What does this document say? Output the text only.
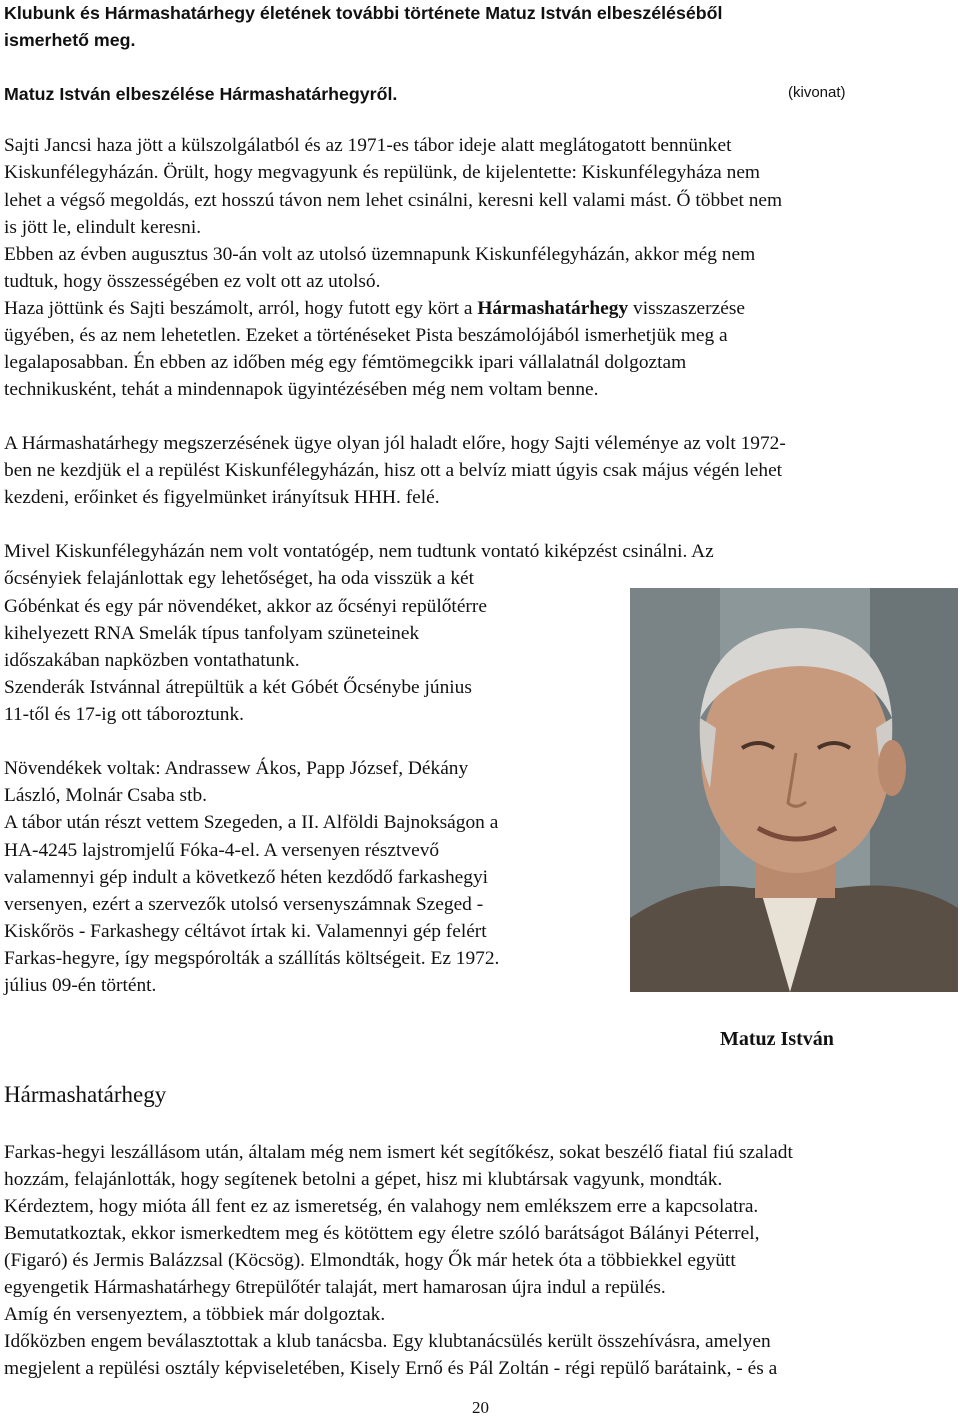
Klubunk és Hármashatárhegy életének további története Matuz István elbeszéléséből
ismerhető meg.
Matuz István elbeszélése Hármashatárhegyről.	(kivonat)
Sajti Jancsi haza jött a külszolgálatból és az 1971-es tábor ideje alatt meglátogatott bennünket
Kiskunfélegyházán. Örült, hogy megvagyunk és repülünk, de kijelentette: Kiskunfélegyháza nem
lehet a végső megoldás, ezt hosszú távon nem lehet csinálni, keresni kell valami mást. Ő többet nem
is jött le, elindult keresni.
Ebben az évben augusztus 30-án volt az utolsó üzemnapunk Kiskunfélegyházán, akkor még nem
tudtuk, hogy összességében ez volt ott az utolsó.
Haza jöttünk és Sajti beszámolt, arról, hogy futott egy kört a Hármashatárhegy visszaszerzése
ügyében, és az nem lehetetlen. Ezeket a történéseket Pista beszámolójából ismerhetjük meg a
legalaposabban. Én ebben az időben még egy fémtömegcikk ipari vállalatnál dolgoztam
technikusként, tehát a mindennapok ügyintézésében még nem voltam benne.
A Hármashatárhegy megszerzésének ügye olyan jól haladt előre, hogy Sajti véleménye az volt 1972-
ben ne kezdjük el a repülést Kiskunfélegyházán, hisz ott a belvíz miatt úgyis csak május végén lehet
kezdeni, erőinket és figyelmünket irányítsuk HHH. felé.
Mivel Kiskunfélegyházán nem volt vontatógép, nem tudtunk vontató kiképzést csinálni. Az
őcsényiek felajánlottak egy lehetőséget, ha oda visszük a két
Góbénkat és egy pár növendéket, akkor az őcsényi repülőtérre
kihelyezett RNA Smelák típus tanfolyam szüneteinek
időszakában napközben vontathatunk.
Szenderák Istvánnal átrepültük a két Góbét Őcsénybe június
11-től és 17-ig ott táboroztunk.
Növendékek voltak: Andrassew Ákos, Papp József, Dékány
László, Molnár Csaba stb.
A tábor után részt vettem Szegeden, a II. Alföldi Bajnokságon a
HA-4245 lajstromjelű Fóka-4-el. A versenyen résztvevő
valamennyi gép indult a következő héten kezdődő farkashegyi
versenyen, ezért a szervezők utolsó versenyszámnak Szeged -
Kiskőrös - Farkashegy céltávot írtak ki. Valamennyi gép felért
Farkas-hegyre, így megspórolták a szállítás költségeit. Ez 1972.
július 09-én történt.
Matuz István
Hármashatárhegy
Farkas-hegyi leszállásom után, általam még nem ismert két segítőkész, sokat beszélő fiatal fiú szaladt
hozzám, felajánlották, hogy segítenek betolni a gépet, hisz mi klubtársak vagyunk, mondták.
Kérdeztem, hogy mióta áll fent ez az ismeretség, én valahogy nem emlékszem erre a kapcsolatra.
Bemutatkoztak, ekkor ismerkedtem meg és kötöttem egy életre szóló barátságot Bálányi Péterrel,
(Figaró) és Jermis Balázzsal (Köcsög). Elmondták, hogy Ők már hetek óta a többiekkel együtt
egyengetik Hármashatárhegy 6trepülőtér talaját, mert hamarosan újra indul a repülés.
Amíg én versenyeztem, a többiek már dolgoztak.
Időközben engem beválasztottak a klub tanácsba. Egy klubtanácsülés került összehívásra, amelyen
megjelent a repülési osztály képviseletében, Kisely Ernő és Pál Zoltán - régi repülő barátaink, - és a
20
